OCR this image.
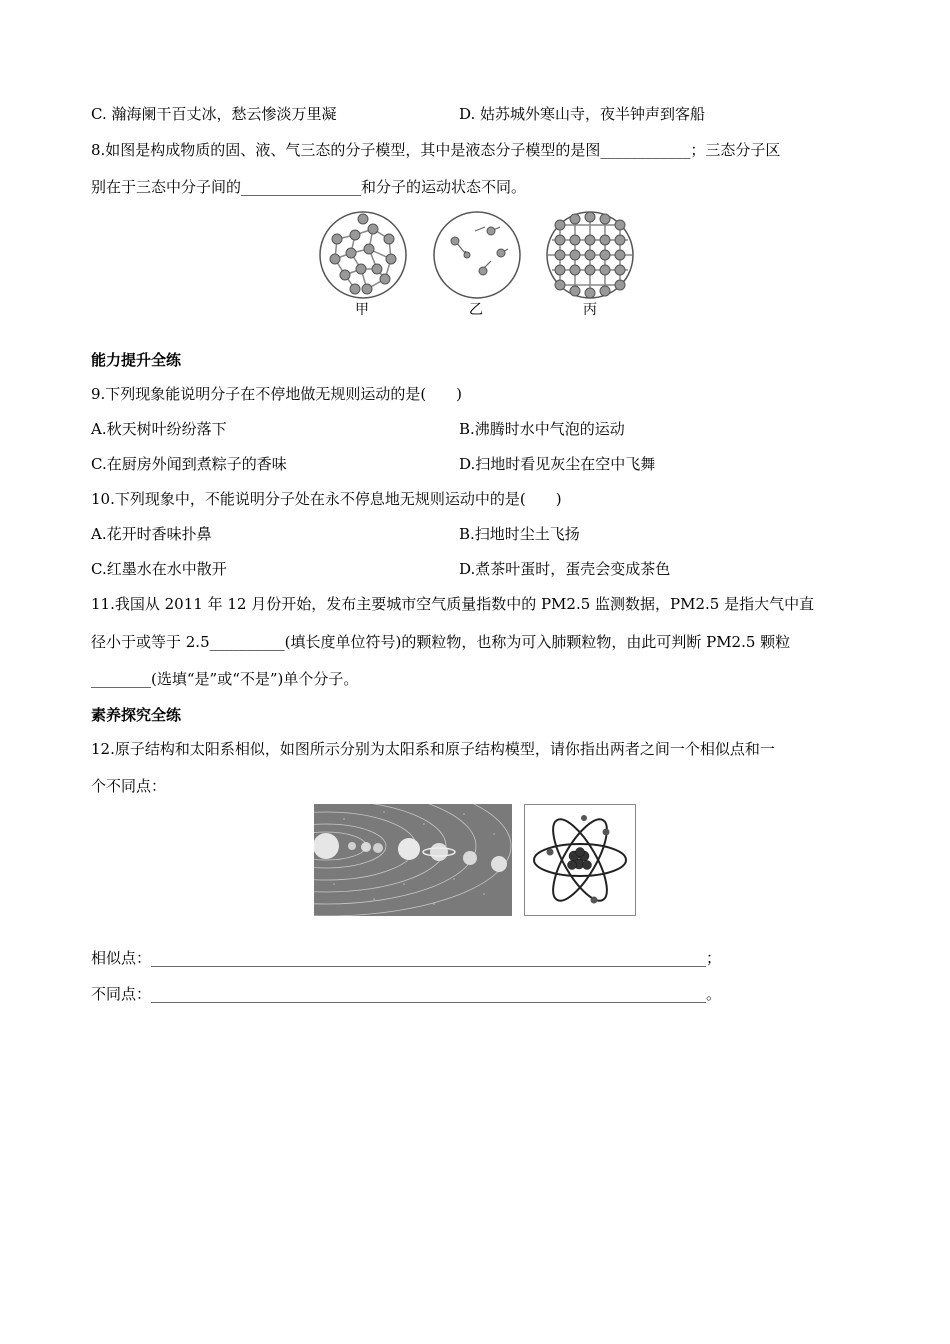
C. 瀚海阑干百丈冰，愁云惨淡万里凝	D. 姑苏城外寒山寺，夜半钟声到客船
8.如图是构成物质的固、液、气三态的分子模型，其中是液态分子模型的是图____________；三态分子区
别在于三态中分子间的________________和分子的运动状态不同。
甲	乙	丙
能力提升全练
9.下列现象能说明分子在不停地做无规则运动的是(　　)
A.秋天树叶纷纷落下	B.沸腾时水中气泡的运动
C.在厨房外闻到煮粽子的香味	D.扫地时看见灰尘在空中飞舞
10.下列现象中，不能说明分子处在永不停息地无规则运动中的是(　　)
A.花开时香味扑鼻	B.扫地时尘土飞扬
C.红墨水在水中散开	D.煮茶叶蛋时，蛋壳会变成茶色
11.我国从 2011 年 12 月份开始，发布主要城市空气质量指数中的 PM2.5 监测数据，PM2.5 是指大气中直
径小于或等于 2.5__________(填长度单位符号)的颗粒物，也称为可入肺颗粒物，由此可判断 PM2.5 颗粒
________(选填“是”或“不是”)单个分子。
素养探究全练
12.原子结构和太阳系相似，如图所示分别为太阳系和原子结构模型，请你指出两者之间一个相似点和一
个不同点：
相似点：__________________________________________________________________________；
不同点：__________________________________________________________________________。
